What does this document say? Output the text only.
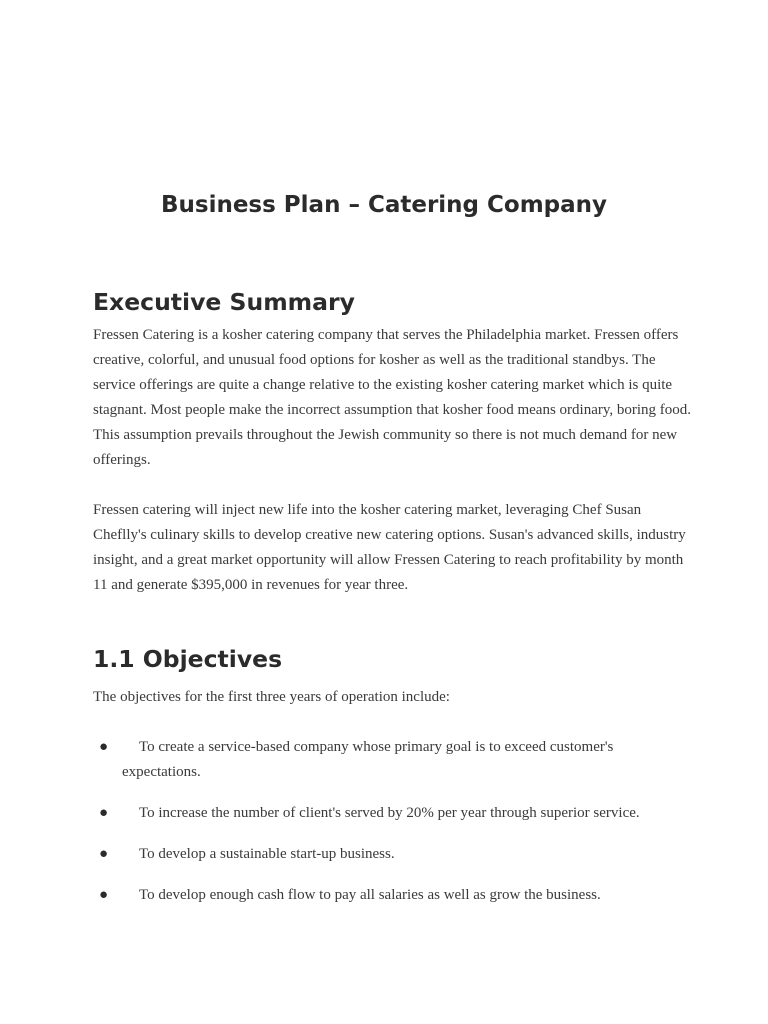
Business Plan – Catering Company
Executive Summary

Fressen Catering is a kosher catering company that serves the Philadelphia market. Fressen offers creative, colorful, and unusual food options for kosher as well as the traditional standbys. The service offerings are quite a change relative to the existing kosher catering market which is quite stagnant. Most people make the incorrect assumption that kosher food means ordinary, boring food. This assumption prevails throughout the Jewish community so there is not much demand for new offerings.

Fressen catering will inject new life into the kosher catering market, leveraging Chef Susan Cheflly's culinary skills to develop creative new catering options. Susan's advanced skills, industry insight, and a great market opportunity will allow Fressen Catering to reach profitability by month 11 and generate $395,000 in revenues for year three.

1.1 Objectives

The objectives for the first three years of operation include:

● To create a service-based company whose primary goal is to exceed customer's expectations.
● To increase the number of client's served by 20% per year through superior service.
● To develop a sustainable start-up business.
● To develop enough cash flow to pay all salaries as well as grow the business.
